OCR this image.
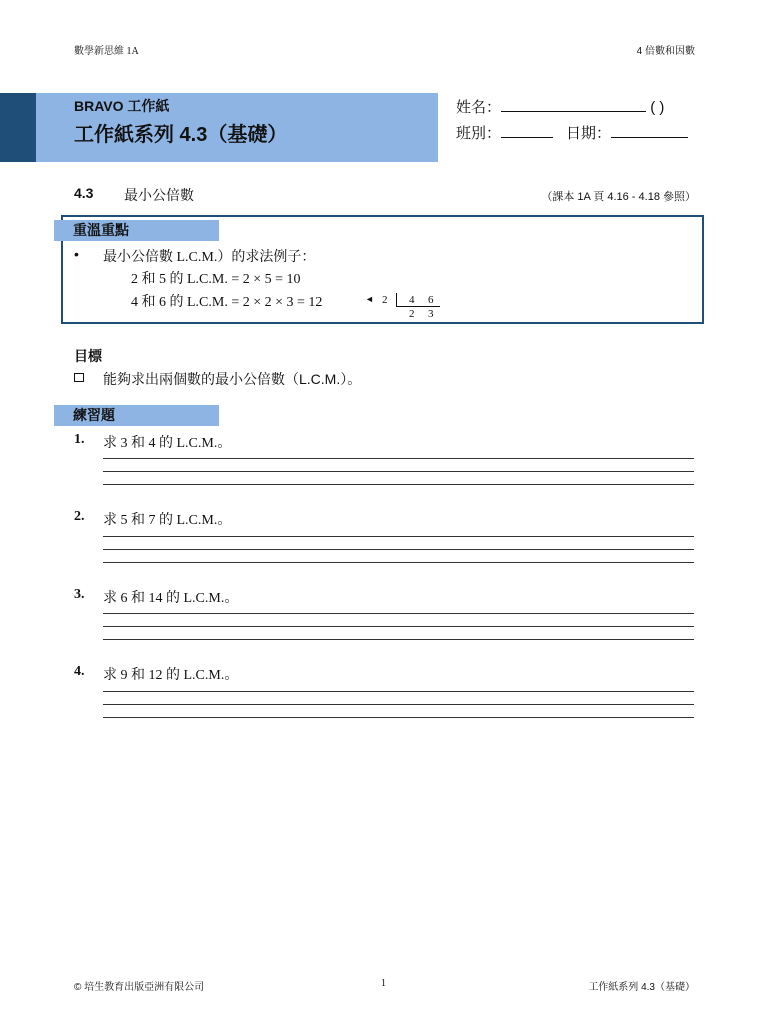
數學新思維 1A	4 倍數和因數
BRAVO 工作紙
工作紙系列 4.3（基礎）
姓名：	( )
班別：	日期：
4.3 最小公倍數	（課本 1A 頁 4.16 - 4.18 參照）
重溫重點
• 最小公倍數 L.C.M.）的求法例子：
2 和 5 的 L.C.M. = 2 × 5 = 10
4 和 6 的 L.C.M. = 2 × 2 × 3 = 12	◄ 2 4 6
2 3
目標
能夠求出兩個數的最小公倍數（L.C.M.）。
練習題
1. 求 3 和 4 的 L.C.M.。
2. 求 5 和 7 的 L.C.M.。
3. 求 6 和 14 的 L.C.M.。
4. 求 9 和 12 的 L.C.M.。
© 培生教育出版亞洲有限公司	1	工作紙系列 4.3（基礎）
